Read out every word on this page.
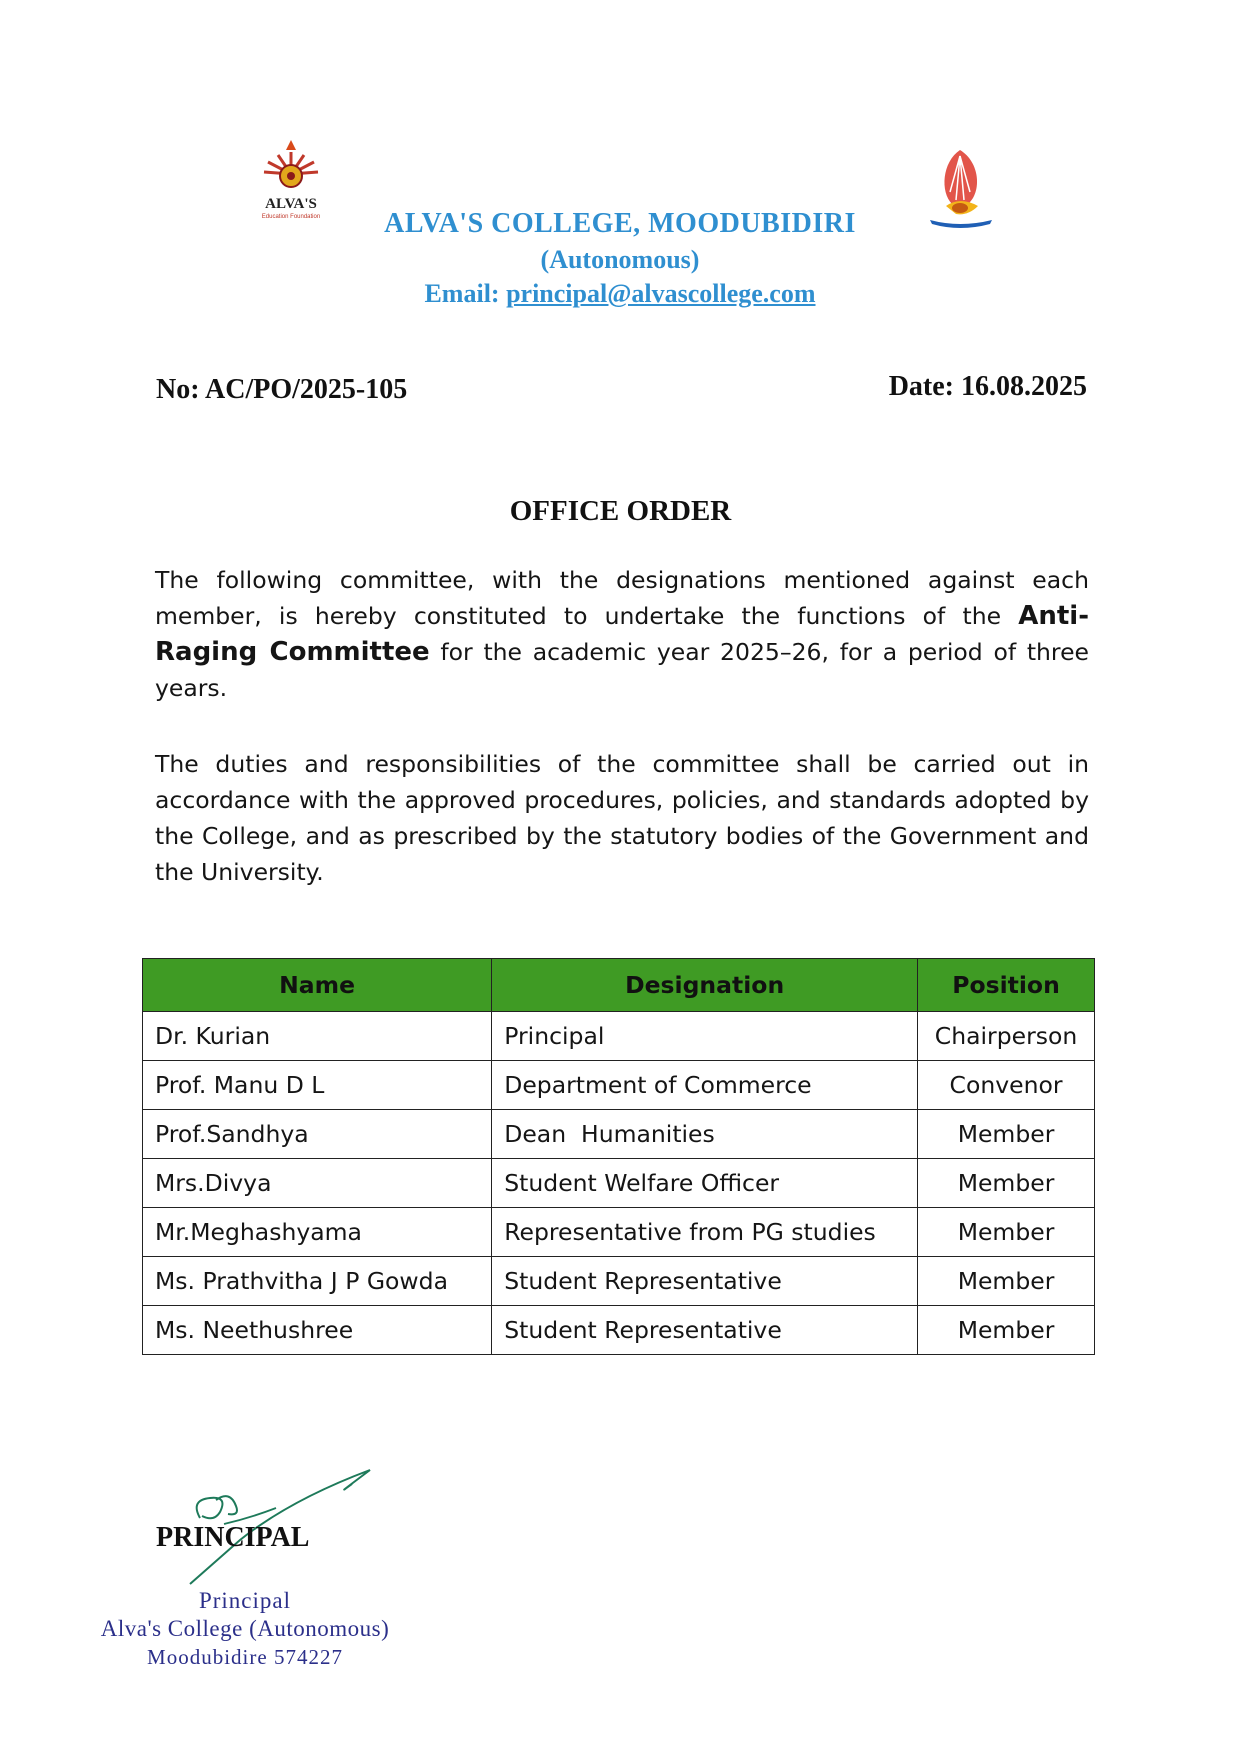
ALVA'S
Education Foundation	ALVA'S COLLEGE, MOODUBIDIRI
(Autonomous)
Email: principal@alvascollege.com
No: AC/PO/2025-105	Date: 16.08.2025
OFFICE ORDER
The following committee, with the designations mentioned against each member, is hereby constituted to undertake the functions of the Anti-Raging Committee for the academic year 2025–26, for a period of three years.
The duties and responsibilities of the committee shall be carried out in accordance with the approved procedures, policies, and standards adopted by the College, and as prescribed by the statutory bodies of the Government and the University.
Name	Designation	Position
Dr. Kurian	Principal	Chairperson
Prof. Manu D L	Department of Commerce	Convenor
Prof.Sandhya	Dean  Humanities	Member
Mrs.Divya	Student Welfare Officer	Member
Mr.Meghashyama	Representative from PG studies	Member
Ms. Prathvitha J P Gowda	Student Representative	Member
Ms. Neethushree	Student Representative	Member
PRINCIPAL
Principal
Alva's College (Autonomous)
Moodubidire 574227
